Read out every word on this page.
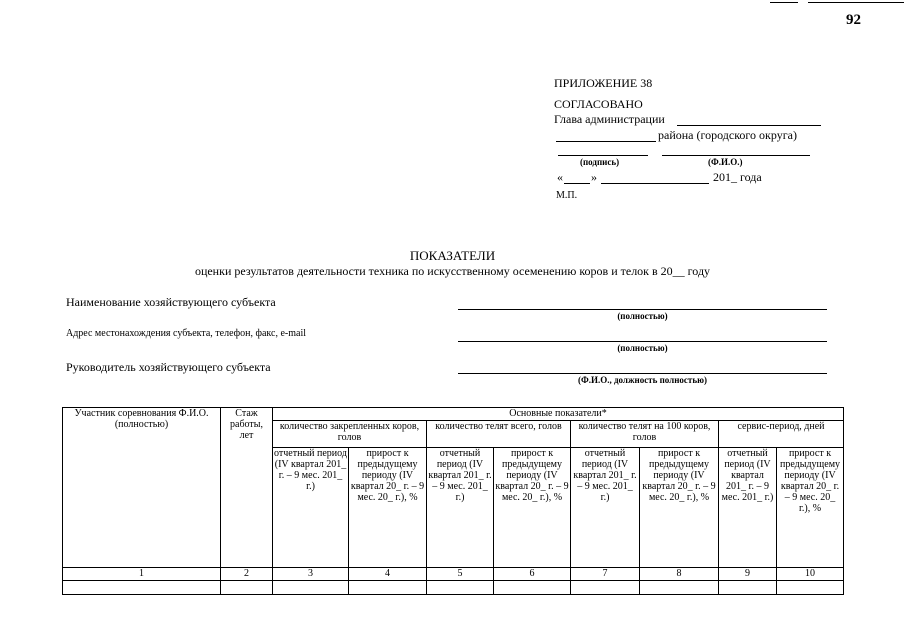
92
ПРИЛОЖЕНИЕ 38
СОГЛАСОВАНО
Глава администрации
района (городского округа)
(подпись)	(Ф.И.О.)
« »	201_ года
М.П.
ПОКАЗАТЕЛИ
оценки результатов деятельности техника по искусственному осеменению коров и телок в 20__ году
Наименование хозяйствующего субъекта
(полностью)
Адрес местонахождения субъекта, телефон, факс, e-mail
(полностью)
Руководитель хозяйствующего субъекта
(Ф.И.О., должность полностью)
Участник соревнования Ф.И.О. (полностью)	Стаж работы, лет	Основные показатели*							
		количество закрепленных коров, голов		количество телят всего, голов		количество телят на 100 коров, голов		сервис-период, дней	
		отчетный период (IV квартал 201_ г. – 9 мес. 201_ г.)	прирост к предыдущему периоду (IV квартал 20_ г. – 9 мес. 20_ г.), %	отчетный период (IV квартал 201_ г. – 9 мес. 201_ г.)	прирост к предыдущему периоду (IV квартал 20_ г. – 9 мес. 20_ г.), %	отчетный период (IV квартал 201_ г. – 9 мес. 201_ г.)	прирост к предыдущему периоду (IV квартал 20_ г. – 9 мес. 20_ г.), %	отчетный период (IV квартал 201_ г. – 9 мес. 201_ г.)	прирост к предыдущему периоду (IV квартал 20_ г. – 9 мес. 20_ г.), %
1	2	3	4	5	6	7	8	9	10
